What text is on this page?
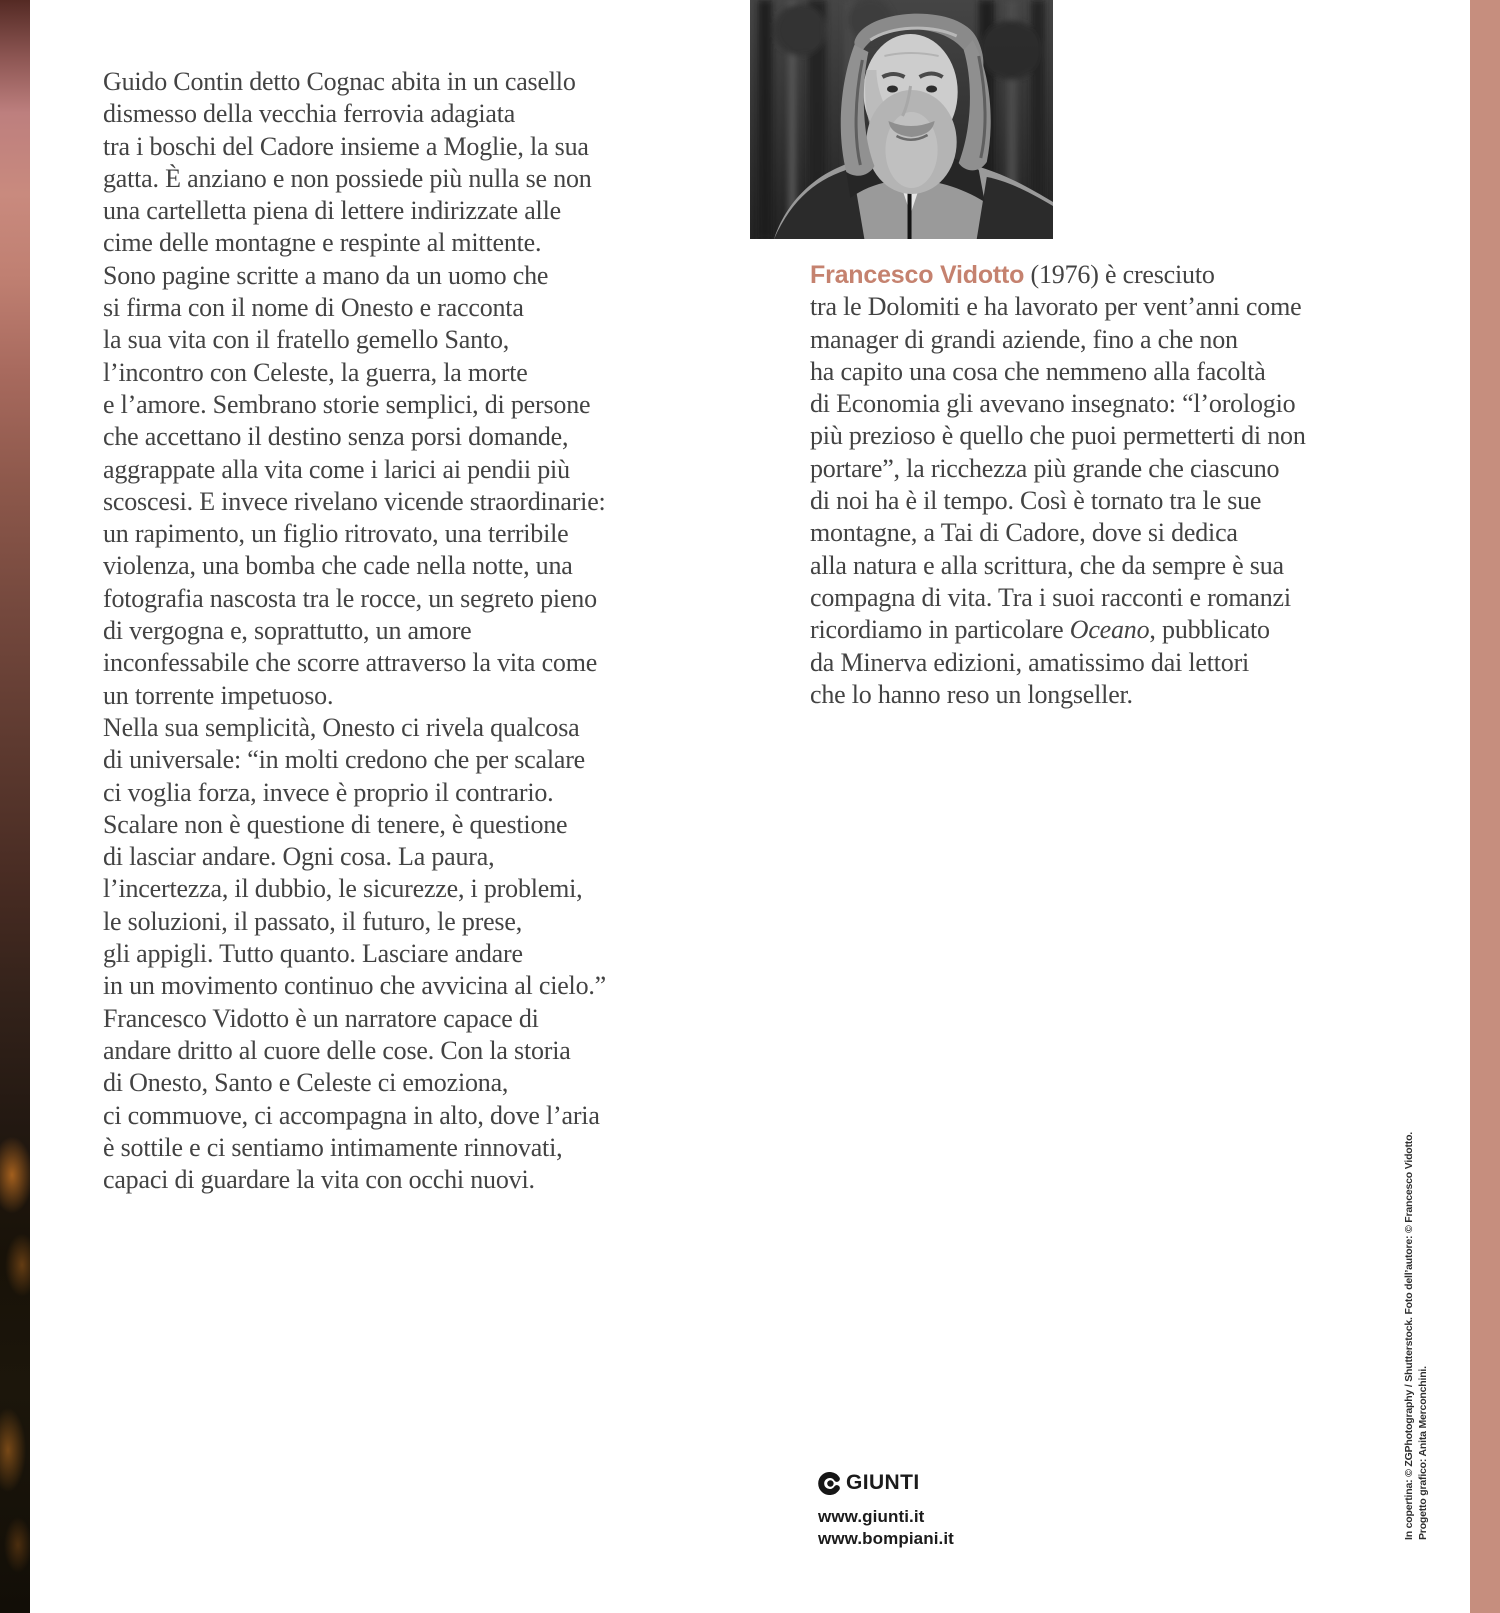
Guido Contin detto Cognac abita in un casello
dismesso della vecchia ferrovia adagiata
tra i boschi del Cadore insieme a Moglie, la sua
gatta. È anziano e non possiede più nulla se non
una cartelletta piena di lettere indirizzate alle
cime delle montagne e respinte al mittente.
Sono pagine scritte a mano da un uomo che
si firma con il nome di Onesto e racconta
la sua vita con il fratello gemello Santo,
l’incontro con Celeste, la guerra, la morte
e l’amore. Sembrano storie semplici, di persone
che accettano il destino senza porsi domande,
aggrappate alla vita come i larici ai pendii più
scoscesi. E invece rivelano vicende straordinarie:
un rapimento, un figlio ritrovato, una terribile
violenza, una bomba che cade nella notte, una
fotografia nascosta tra le rocce, un segreto pieno
di vergogna e, soprattutto, un amore
inconfessabile che scorre attraverso la vita come
un torrente impetuoso.
Nella sua semplicità, Onesto ci rivela qualcosa
di universale: “in molti credono che per scalare
ci voglia forza, invece è proprio il contrario.
Scalare non è questione di tenere, è questione
di lasciar andare. Ogni cosa. La paura,
l’incertezza, il dubbio, le sicurezze, i problemi,
le soluzioni, il passato, il futuro, le prese,
gli appigli. Tutto quanto. Lasciare andare
in un movimento continuo che avvicina al cielo.”
Francesco Vidotto è un narratore capace di
andare dritto al cuore delle cose. Con la storia
di Onesto, Santo e Celeste ci emoziona,
ci commuove, ci accompagna in alto, dove l’aria
è sottile e ci sentiamo intimamente rinnovati,
capaci di guardare la vita con occhi nuovi.
Francesco Vidotto (1976) è cresciuto
tra le Dolomiti e ha lavorato per vent’anni come
manager di grandi aziende, fino a che non
ha capito una cosa che nemmeno alla facoltà
di Economia gli avevano insegnato: “l’orologio
più prezioso è quello che puoi permetterti di non
portare”, la ricchezza più grande che ciascuno
di noi ha è il tempo. Così è tornato tra le sue
montagne, a Tai di Cadore, dove si dedica
alla natura e alla scrittura, che da sempre è sua
compagna di vita. Tra i suoi racconti e romanzi
ricordiamo in particolare Oceano, pubblicato
da Minerva edizioni, amatissimo dai lettori
che lo hanno reso un longseller.
GIUNTI
www.giunti.it
www.bompiani.it	In copertina: © ZGPhotography / Shutterstock. Foto dell’autore: © Francesco Vidotto. Progetto grafico: Anita Merconchini.
